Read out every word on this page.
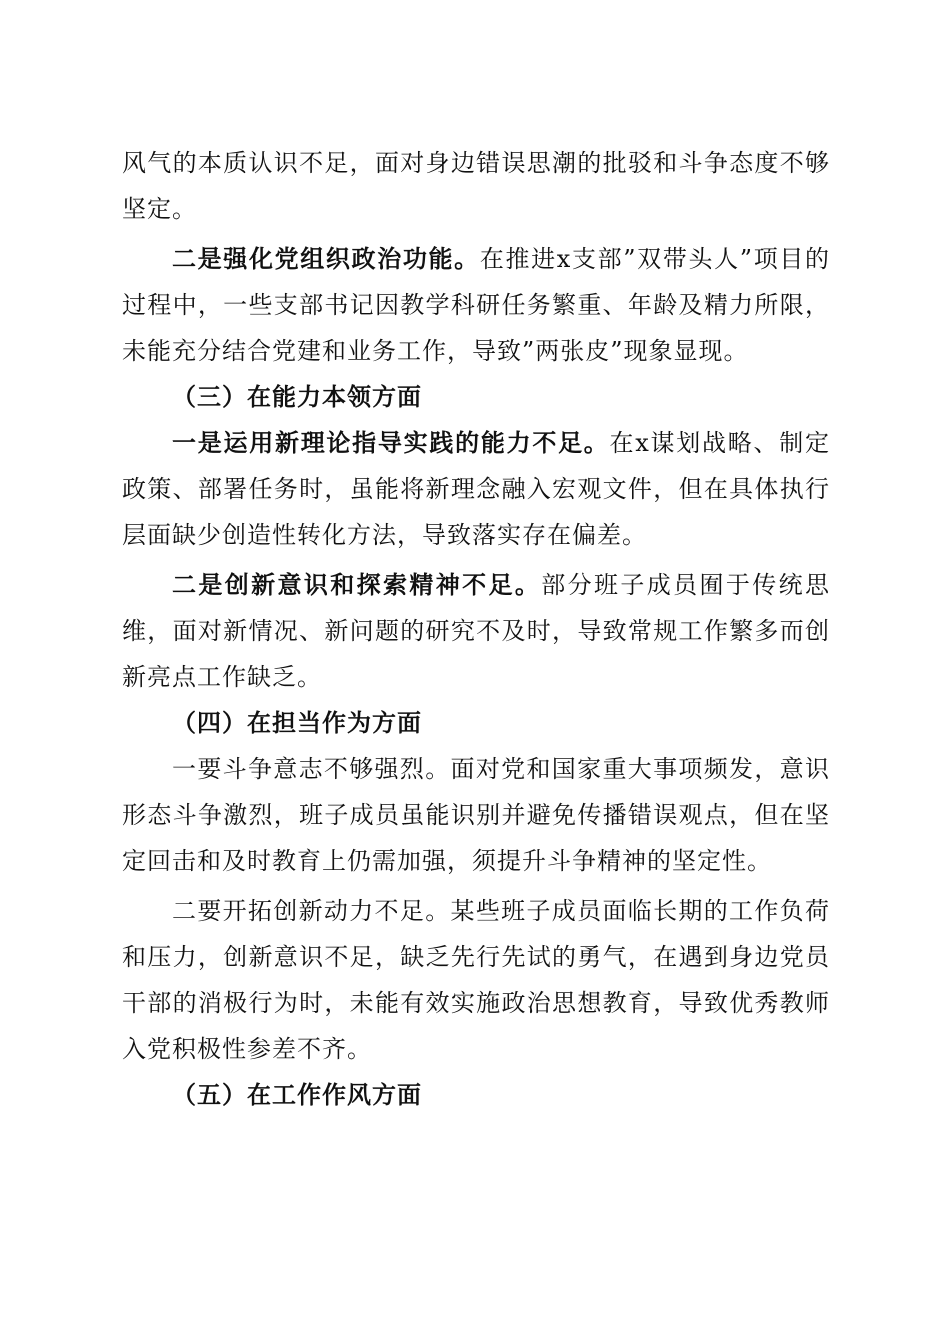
风气的本质认识不足，面对身边错误思潮的批驳和斗争态度不够坚定。

二是强化党组织政治功能。在推进x支部”双带头人”项目的过程中，一些支部书记因教学科研任务繁重、年龄及精力所限，未能充分结合党建和业务工作，导致”两张皮”现象显现。

（三）在能力本领方面

一是运用新理论指导实践的能力不足。在x谋划战略、制定政策、部署任务时，虽能将新理念融入宏观文件，但在具体执行层面缺少创造性转化方法，导致落实存在偏差。

二是创新意识和探索精神不足。部分班子成员囿于传统思维，面对新情况、新问题的研究不及时，导致常规工作繁多而创新亮点工作缺乏。

（四）在担当作为方面

一要斗争意志不够强烈。面对党和国家重大事项频发，意识形态斗争激烈，班子成员虽能识别并避免传播错误观点，但在坚定回击和及时教育上仍需加强，须提升斗争精神的坚定性。

二要开拓创新动力不足。某些班子成员面临长期的工作负荷和压力，创新意识不足，缺乏先行先试的勇气，在遇到身边党员干部的消极行为时，未能有效实施政治思想教育，导致优秀教师入党积极性参差不齐。

（五）在工作作风方面
